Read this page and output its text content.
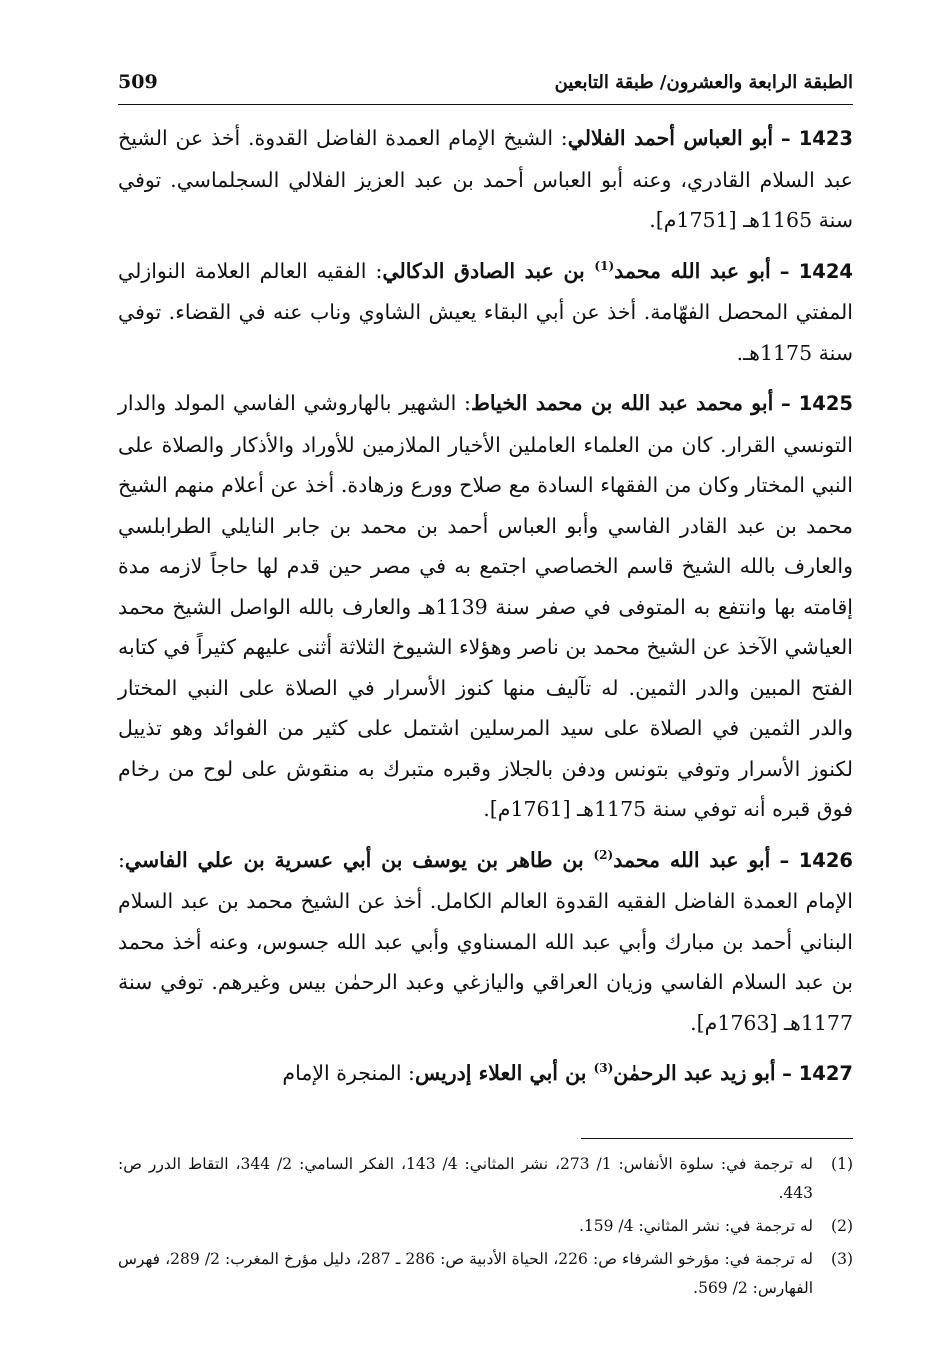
الطبقة الرابعة والعشرون/ طبقة التابعين
509

1423 – أبو العباس أحمد الفلالي: الشيخ الإمام العمدة الفاضل القدوة. أخذ عن الشيخ عبد السلام القادري، وعنه أبو العباس أحمد بن عبد العزيز الفلالي السجلماسي. توفي سنة 1165هـ [1751م].

1424 – أبو عبد الله محمد$^{(1)}$ بن عبد الصادق الدكالي: الفقيه العالم العلامة النوازلي المفتي المحصل الفهّامة. أخذ عن أبي البقاء يعيش الشاوي وناب عنه في القضاء. توفي سنة 1175هـ.

1425 – أبو محمد عبد الله بن محمد الخياط: الشهير بالهاروشي الفاسي المولد والدار التونسي القرار. كان من العلماء العاملين الأخيار الملازمين للأوراد والأذكار والصلاة على النبي المختار وكان من الفقهاء السادة مع صلاح وورع وزهادة. أخذ عن أعلام منهم الشيخ محمد بن عبد القادر الفاسي وأبو العباس أحمد بن محمد بن جابر النايلي الطرابلسي والعارف بالله الشيخ قاسم الخصاصي اجتمع به في مصر حين قدم لها حاجاً لازمه مدة إقامته بها وانتفع به المتوفى في صفر سنة 1139هـ والعارف بالله الواصل الشيخ محمد العياشي الآخذ عن الشيخ محمد بن ناصر وهؤلاء الشيوخ الثلاثة أثنى عليهم كثيراً في كتابه الفتح المبين والدر الثمين. له تآليف منها كنوز الأسرار في الصلاة على النبي المختار والدر الثمين في الصلاة على سيد المرسلين اشتمل على كثير من الفوائد وهو تذييل لكنوز الأسرار وتوفي بتونس ودفن بالجلاز وقبره متبرك به منقوش على لوح من رخام فوق قبره أنه توفي سنة 1175هـ [1761م].

1426 – أبو عبد الله محمد$^{(2)}$ بن طاهر بن يوسف بن أبي عسرية بن علي الفاسي: الإمام العمدة الفاضل الفقيه القدوة العالم الكامل. أخذ عن الشيخ محمد بن عبد السلام البناني أحمد بن مبارك وأبي عبد الله المسناوي وأبي عبد الله جسوس، وعنه أخذ محمد بن عبد السلام الفاسي وزيان العراقي واليازغي وعبد الرحمٰن بيس وغيرهم. توفي سنة 1177هـ [1763م].

1427 – أبو زيد عبد الرحمٰن$^{(3)}$ بن أبي العلاء إدريس: المنجرة الإمام

(1)
له ترجمة في: سلوة الأنفاس: 1/ 273، نشر المثاني: 4/ 143، الفكر السامي: 2/ 344، التقاط الدرر ص: 443.
(2)
له ترجمة في: نشر المثاني: 4/ 159.
(3)
له ترجمة في: مؤرخو الشرفاء ص: 226، الحياة الأدبية ص: 286 ـ 287، دليل مؤرخ المغرب: 2/ 289، فهرس الفهارس: 2/ 569.
